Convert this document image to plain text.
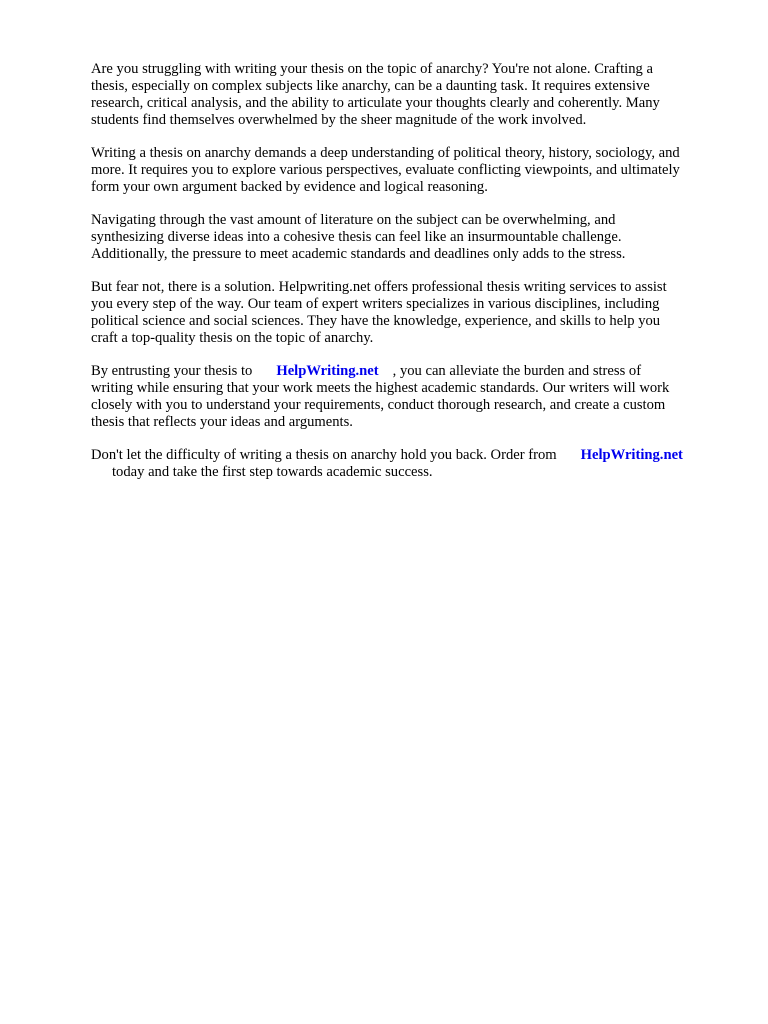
Are you struggling with writing your thesis on the topic of anarchy? You're not alone. Crafting a
thesis, especially on complex subjects like anarchy, can be a daunting task. It requires extensive
research, critical analysis, and the ability to articulate your thoughts clearly and coherently. Many
students find themselves overwhelmed by the sheer magnitude of the work involved.

Writing a thesis on anarchy demands a deep understanding of political theory, history, sociology, and
more. It requires you to explore various perspectives, evaluate conflicting viewpoints, and ultimately
form your own argument backed by evidence and logical reasoning.

Navigating through the vast amount of literature on the subject can be overwhelming, and
synthesizing diverse ideas into a cohesive thesis can feel like an insurmountable challenge.
Additionally, the pressure to meet academic standards and deadlines only adds to the stress.

But fear not, there is a solution. Helpwriting.net offers professional thesis writing services to assist
you every step of the way. Our team of expert writers specializes in various disciplines, including
political science and social sciences. They have the knowledge, experience, and skills to help you
craft a top-quality thesis on the topic of anarchy.

By entrusting your thesis to HelpWriting.net , you can alleviate the burden and stress of
writing while ensuring that your work meets the highest academic standards. Our writers will work
closely with you to understand your requirements, conduct thorough research, and create a custom
thesis that reflects your ideas and arguments.

Don't let the difficulty of writing a thesis on anarchy hold you back. Order from HelpWriting.net
today and take the first step towards academic success.
